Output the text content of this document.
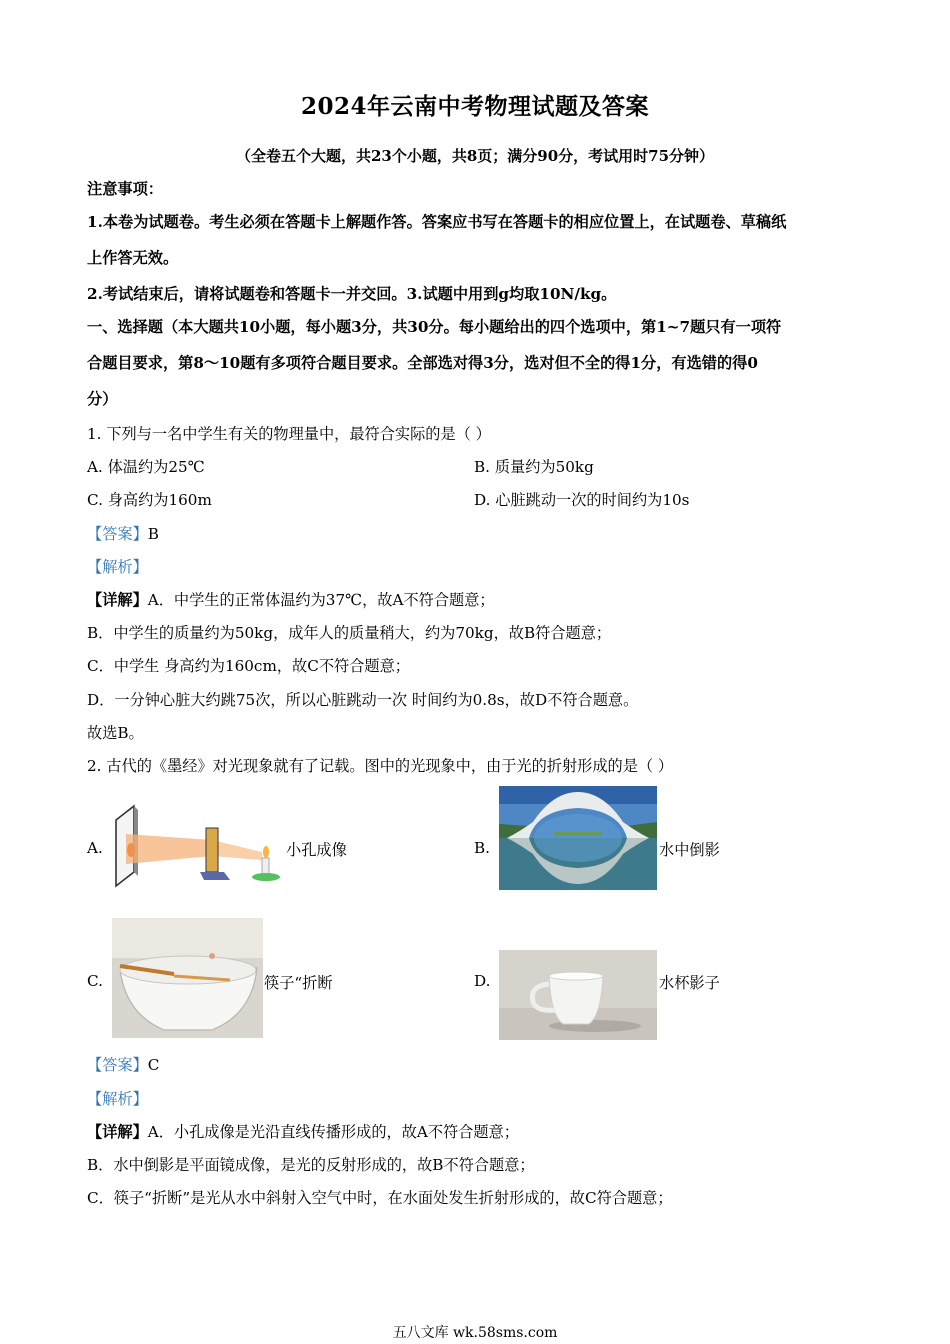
2024年云南中考物理试题及答案
（全卷五个大题，共23个小题，共8页；满分90分，考试用时75分钟）
注意事项：
1.本卷为试题卷。考生必须在答题卡上解题作答。答案应书写在答题卡的相应位置上，在试题卷、草稿纸
上作答无效。
2.考试结束后，请将试题卷和答题卡一并交回。3.试题中用到g均取10N/kg。
一、选择题（本大题共10小题，每小题3分，共30分。每小题给出的四个选项中，第1~7题只有一项符
合题目要求，第8～10题有多项符合题目要求。全部选对得3分，选对但不全的得1分，有选错的得0
分）
1. 下列与一名中学生有关的物理量中，最符合实际的是（ ）
A. 体温约为25℃	B. 质量约为50kg
C. 身高约为160m	D. 心脏跳动一次的时间约为10s
【答案】B
【解析】
【详解】A．中学生的正常体温约为37℃，故A不符合题意；
B．中学生的质量约为50kg，成年人的质量稍大，约为70kg，故B符合题意；
C．中学生 身高约为160cm，故C不符合题意；
D．一分钟心脏大约跳75次，所以心脏跳动一次 时间约为0.8s，故D不符合题意。
故选B。
2. 古代的《墨经》对光现象就有了记载。图中的光现象中，由于光的折射形成的是（ ）
A.	小孔成像	B.	水中倒影
C.	筷子“折断	D.	水杯影子
【答案】C
【解析】
【详解】A．小孔成像是光沿直线传播形成的，故A不符合题意；
B．水中倒影是平面镜成像，是光的反射形成的，故B不符合题意；
C．筷子“折断”是光从水中斜射入空气中时，在水面处发生折射形成的，故C符合题意；
五八文库 wk.58sms.com
